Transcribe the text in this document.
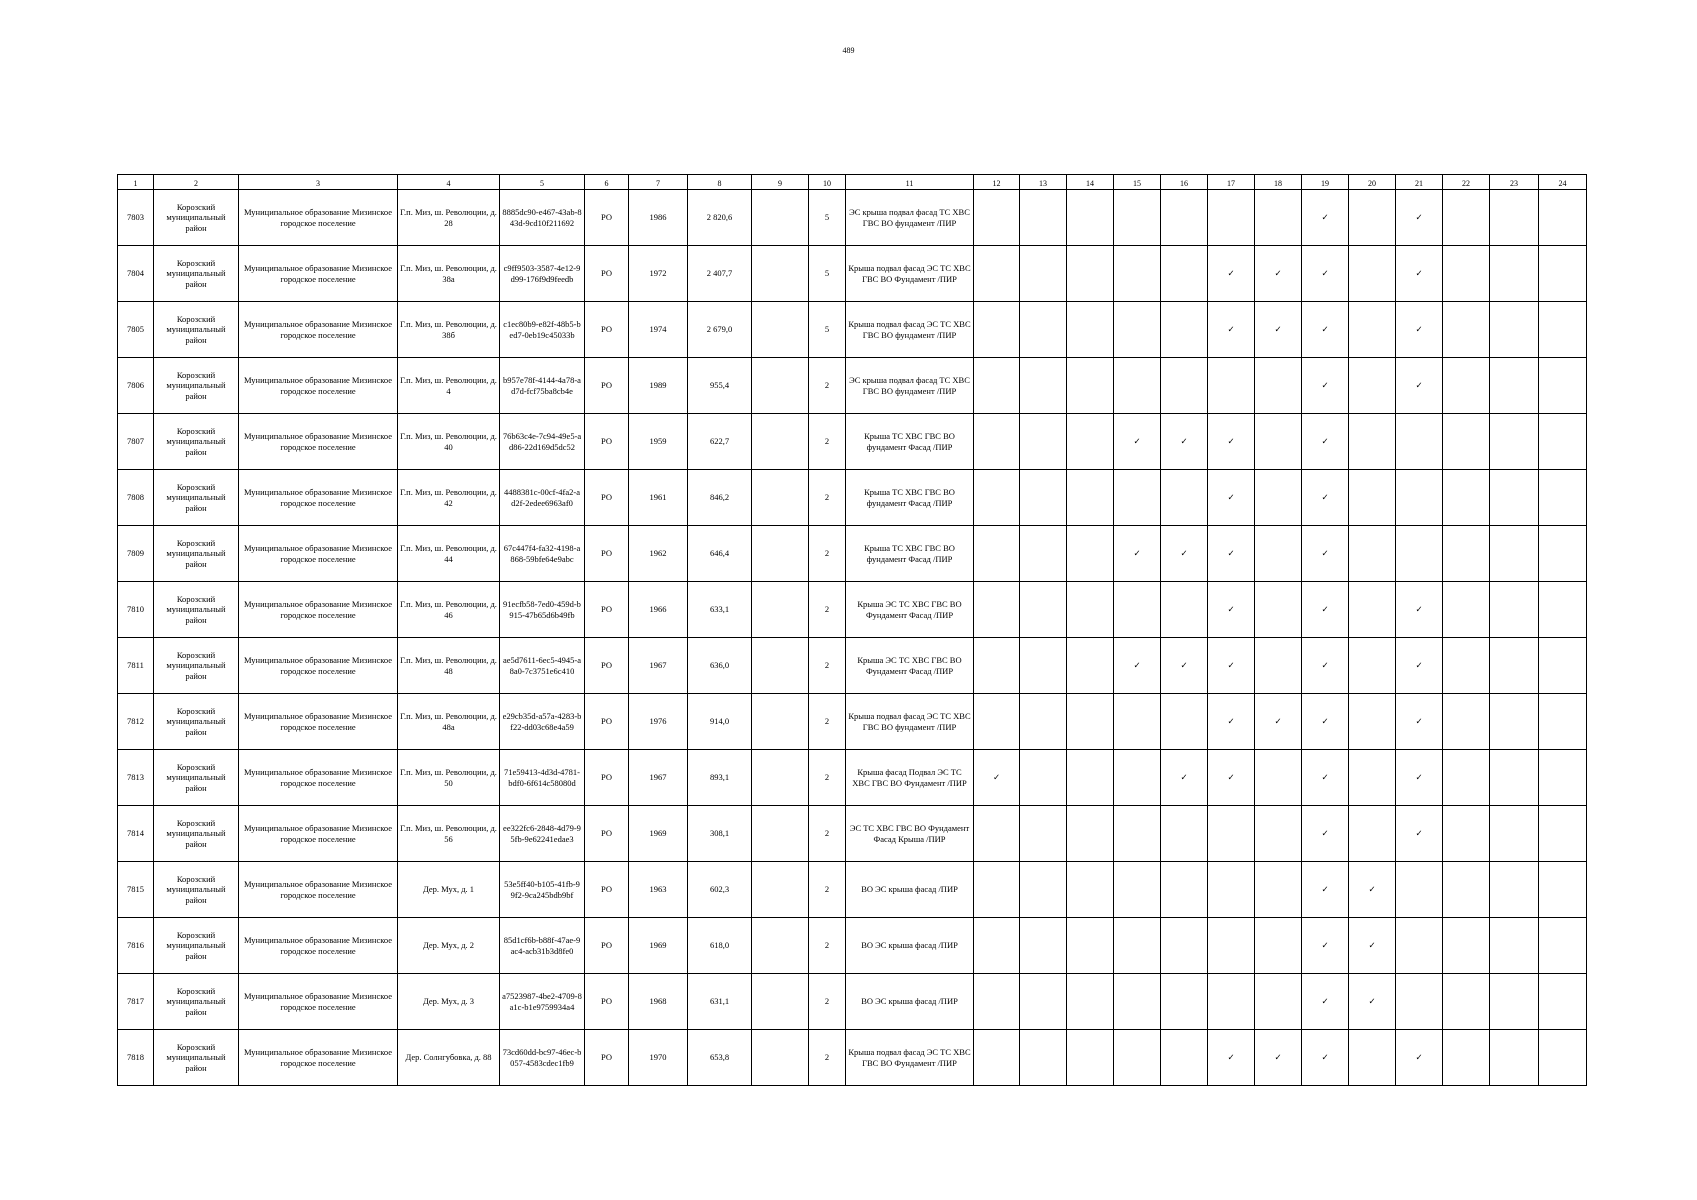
489
1	2	3	4	5	6	7	8	9	10	11	12	13	14	15	16	17	18	19	20	21	22	23	24
7803	Корозский муниципальный район	Муниципальное образование Мизинское городское поселение	Г.п. Миз, ш. Революции, д. 28	8885dc90-e467-43ab-843d-9cd10f211692	РО	1986	2 820,6		5	ЭС крыша подвал фасад ТС ХВС ГВС ВО фундамент /ПИР								✓		✓			
7804	Корозский муниципальный район	Муниципальное образование Мизинское городское поселение	Г.п. Миз, ш. Революции, д. 38а	c9ff9503-3587-4e12-9d99-176f9d9feedb	РО	1972	2 407,7		5	Крыша подвал фасад ЭС ТС ХВС ГВС ВО Фундамент /ПИР						✓	✓	✓		✓			
7805	Корозский муниципальный район	Муниципальное образование Мизинское городское поселение	Г.п. Миз, ш. Революции, д. 38б	c1ec80b9-e82f-48b5-bed7-0eb19c45033b	РО	1974	2 679,0		5	Крыша подвал фасад ЭС ТС ХВС ГВС ВО фундамент /ПИР						✓	✓	✓		✓			
7806	Корозский муниципальный район	Муниципальное образование Мизинское городское поселение	Г.п. Миз, ш. Революции, д. 4	b957e78f-4144-4a78-ad7d-fcf75ba8cb4e	РО	1989	955,4		2	ЭС крыша подвал фасад ТС ХВС ГВС ВО фундамент /ПИР								✓		✓			
7807	Корозский муниципальный район	Муниципальное образование Мизинское городское поселение	Г.п. Миз, ш. Революции, д. 40	76b63c4e-7c94-49e5-ad86-22d169d5dc52	РО	1959	622,7		2	Крыша ТС ХВС ГВС ВО фундамент Фасад /ПИР				✓	✓	✓		✓					
7808	Корозский муниципальный район	Муниципальное образование Мизинское городское поселение	Г.п. Миз, ш. Революции, д. 42	4488381c-00cf-4fa2-ad2f-2edee6963af0	РО	1961	846,2		2	Крыша ТС ХВС ГВС ВО фундамент Фасад /ПИР						✓		✓					
7809	Корозский муниципальный район	Муниципальное образование Мизинское городское поселение	Г.п. Миз, ш. Революции, д. 44	67c447f4-fa32-4198-a868-59bfe64e9abc	РО	1962	646,4		2	Крыша ТС ХВС ГВС ВО фундамент Фасад /ПИР				✓	✓	✓		✓					
7810	Корозский муниципальный район	Муниципальное образование Мизинское городское поселение	Г.п. Миз, ш. Революции, д. 46	91ecfb58-7ed0-459d-b915-47b65d6b49fb	РО	1966	633,1		2	Крыша ЭС ТС ХВС ГВС ВО Фундамент Фасад /ПИР						✓		✓		✓			
7811	Корозский муниципальный район	Муниципальное образование Мизинское городское поселение	Г.п. Миз, ш. Революции, д. 48	ae5d7611-6ec5-4945-a8a0-7c3751e6c410	РО	1967	636,0		2	Крыша ЭС ТС ХВС ГВС ВО Фундамент Фасад /ПИР				✓	✓	✓		✓		✓			
7812	Корозский муниципальный район	Муниципальное образование Мизинское городское поселение	Г.п. Миз, ш. Революции, д. 48а	e29cb35d-a57a-4283-bf22-dd03c68e4a59	РО	1976	914,0		2	Крыша подвал фасад ЭС ТС ХВС ГВС ВО фундамент /ПИР						✓	✓	✓		✓			
7813	Корозский муниципальный район	Муниципальное образование Мизинское городское поселение	Г.п. Миз, ш. Революции, д. 50	71e59413-4d3d-4781-bdf0-6f614c58080d	РО	1967	893,1		2	Крыша фасад Подвал ЭС ТС ХВС ГВС ВО Фундамент /ПИР	✓				✓	✓		✓		✓			
7814	Корозский муниципальный район	Муниципальное образование Мизинское городское поселение	Г.п. Миз, ш. Революции, д. 56	ee322fc6-2848-4d79-95fb-9e62241edae3	РО	1969	308,1		2	ЭС ТС ХВС ГВС ВО Фундамент Фасад Крыша /ПИР								✓		✓			
7815	Корозский муниципальный район	Муниципальное образование Мизинское городское поселение	Дер. Мух, д. 1	53e5ff40-b105-41fb-99f2-9ca245bdb9bf	РО	1963	602,3		2	ВО ЭС крыша фасад /ПИР								✓	✓				
7816	Корозский муниципальный район	Муниципальное образование Мизинское городское поселение	Дер. Мух, д. 2	85d1cf6b-b88f-47ae-9ac4-acb31b3d8fe0	РО	1969	618,0		2	ВО ЭС крыша фасад /ПИР								✓	✓				
7817	Корозский муниципальный район	Муниципальное образование Мизинское городское поселение	Дер. Мух, д. 3	a7523987-4be2-4709-8a1c-b1e9759934a4	РО	1968	631,1		2	ВО ЭС крыша фасад /ПИР								✓	✓				
7818	Корозский муниципальный район	Муниципальное образование Мизинское городское поселение	Дер. Солнгубовка, д. 88	73cd60dd-bc97-46ec-b057-4583cdec1fb9	РО	1970	653,8		2	Крыша подвал фасад ЭС ТС ХВС ГВС ВО Фундамент /ПИР						✓	✓	✓		✓			
